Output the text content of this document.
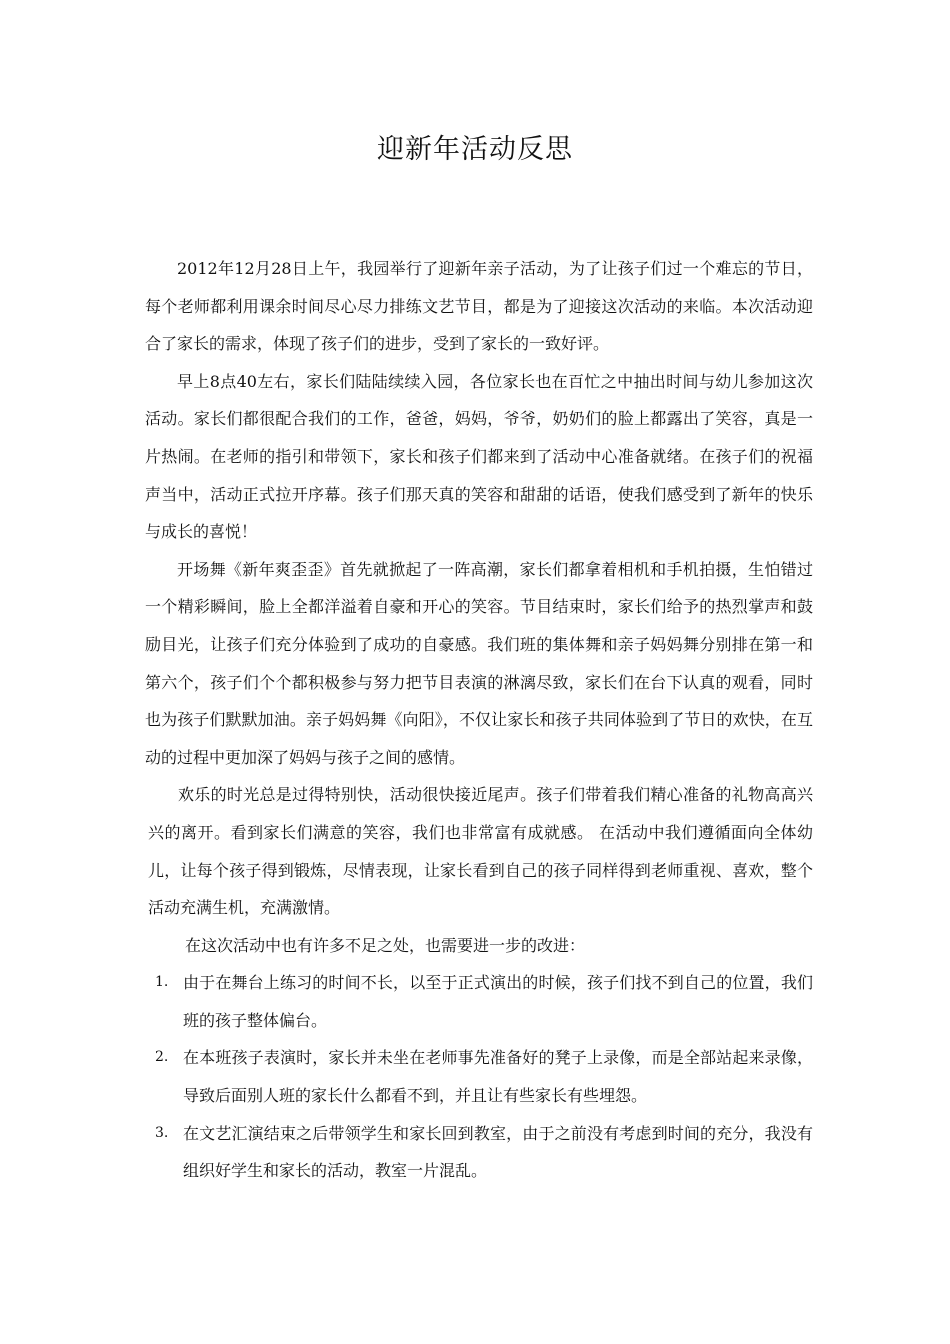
迎新年活动反思

2012年12月28日上午，我园举行了迎新年亲子活动，为了让孩子们过一个难忘的节日，每个老师都利用课余时间尽心尽力排练文艺节目，都是为了迎接这次活动的来临。本次活动迎合了家长的需求，体现了孩子们的进步，受到了家长的一致好评。

早上8点40左右，家长们陆陆续续入园，各位家长也在百忙之中抽出时间与幼儿参加这次活动。家长们都很配合我们的工作，爸爸，妈妈，爷爷，奶奶们的脸上都露出了笑容，真是一片热闹。在老师的指引和带领下，家长和孩子们都来到了活动中心准备就绪。在孩子们的祝福声当中，活动正式拉开序幕。孩子们那天真的笑容和甜甜的话语，使我们感受到了新年的快乐与成长的喜悦！

开场舞《新年爽歪歪》首先就掀起了一阵高潮，家长们都拿着相机和手机拍摄，生怕错过一个精彩瞬间，脸上全都洋溢着自豪和开心的笑容。节目结束时，家长们给予的热烈掌声和鼓励目光，让孩子们充分体验到了成功的自豪感。我们班的集体舞和亲子妈妈舞分别排在第一和第六个，孩子们个个都积极参与努力把节目表演的淋漓尽致，家长们在台下认真的观看，同时也为孩子们默默加油。亲子妈妈舞《向阳》，不仅让家长和孩子共同体验到了节日的欢快，在互动的过程中更加深了妈妈与孩子之间的感情。

欢乐的时光总是过得特别快，活动很快接近尾声。孩子们带着我们精心准备的礼物高高兴兴的离开。看到家长们满意的笑容，我们也非常富有成就感。 在活动中我们遵循面向全体幼儿，让每个孩子得到锻炼，尽情表现，让家长看到自己的孩子同样得到老师重视、喜欢，整个活动充满生机，充满激情。

在这次活动中也有许多不足之处，也需要进一步的改进：

1. 由于在舞台上练习的时间不长，以至于正式演出的时候，孩子们找不到自己的位置，我们班的孩子整体偏台。
2. 在本班孩子表演时，家长并未坐在老师事先准备好的凳子上录像，而是全部站起来录像，导致后面别人班的家长什么都看不到，并且让有些家长有些埋怨。
3. 在文艺汇演结束之后带领学生和家长回到教室，由于之前没有考虑到时间的充分，我没有组织好学生和家长的活动，教室一片混乱。
